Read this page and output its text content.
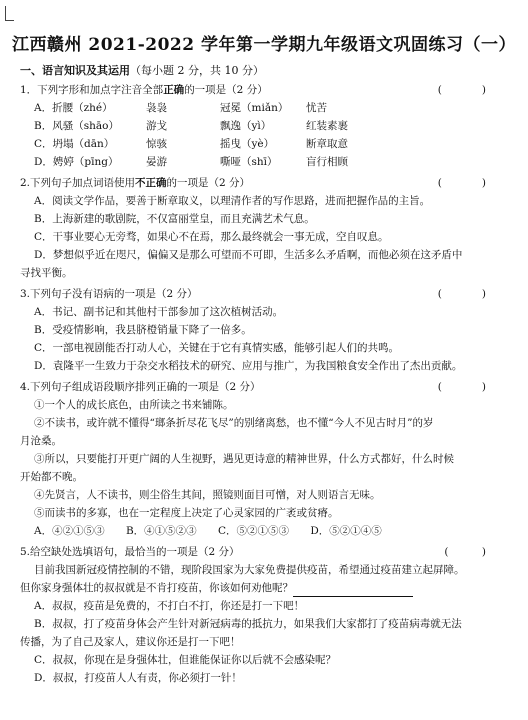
江西赣州 2021-2022 学年第一学期九年级语文巩固练习（一）
一、语言知识及其运用（每小题 2 分，共 10 分）
1．下列字形和加点字注音全部正确的一项是（2 分）	(            )
A．折腰（zhé）	袅袅	冠冕（miǎn）	忧苦
B．风骚（shāo）	游戈	飘逸（yì）	红装素裹
C．坍塌（dān）	惊骇	摇曳（yè）	断章取意
D．娉婷（pīng）	晏游	嘶哑（shī）	盲行相顾
2.下列句子加点词语使用不正确的一项是（2 分）	(            )
A．阅读文学作品，要善于断章取义，以理清作者的写作思路，进而把握作品的主旨。
B．上海新建的歌剧院，不仅富丽堂皇，而且充满艺术气息。
C．干事业要心无旁骛，如果心不在焉，那么最终就会一事无成，空自叹息。
D．梦想似乎近在咫尺，偏偏又是那么可望而不可即，生活多么矛盾啊，而他必须在这矛盾中
寻找平衡。
3.下列句子没有语病的一项是（2 分）	(            )
A．书记、副书记和其他村干部参加了这次植树活动。
B．受疫情影响，我县脐橙销量下降了一倍多。
C．一部电视剧能否打动人心，关键在于它有真情实感，能够引起人们的共鸣。
D．袁隆平一生致力于杂交水稻技术的研究、应用与推广，为我国粮食安全作出了杰出贡献。
4.下列句子组成语段顺序排列正确的一项是（2 分）	(            )
①一个人的成长底色，由所读之书来铺陈。
②不读书，或许就不懂得“瑯条折尽花飞尽”的别绪离愁，也不懂“今人不见古时月”的岁
月沧桑。
③所以，只要能打开更广阔的人生视野，遇见更诗意的精神世界，什么方式都好，什么时候
开始都不晚。
④先贤言，人不读书，则尘俗生其间，照镜则面目可憎，对人则语言无味。
⑤而读书的多寡，也在一定程度上决定了心灵家园的广袤或贫瘠。
A．④②①⑤③ B．④①⑤②③ C．⑤②①⑤③ D．⑤②①④⑤
5.给空缺处选填语句，最恰当的一项是（2 分）	(          )
目前我国新冠疫情控制的不错，现阶段国家为大家免费提供疫苗，希望通过疫苗建立起屏障。
但你家身强体壮的叔叔就是不肯打疫苗，你该如何劝他呢？
A．叔叔，疫苗是免费的，不打白不打，你还是打一下吧！
B．叔叔，打了疫苗身体会产生针对新冠病毒的抵抗力，如果我们大家都打了疫苗病毒就无法
传播，为了自己及家人，建议你还是打一下吧！
C．叔叔，你现在是身强体壮，但谁能保证你以后就不会感染呢？
D．叔叔，打疫苗人人有责，你必须打一针！
